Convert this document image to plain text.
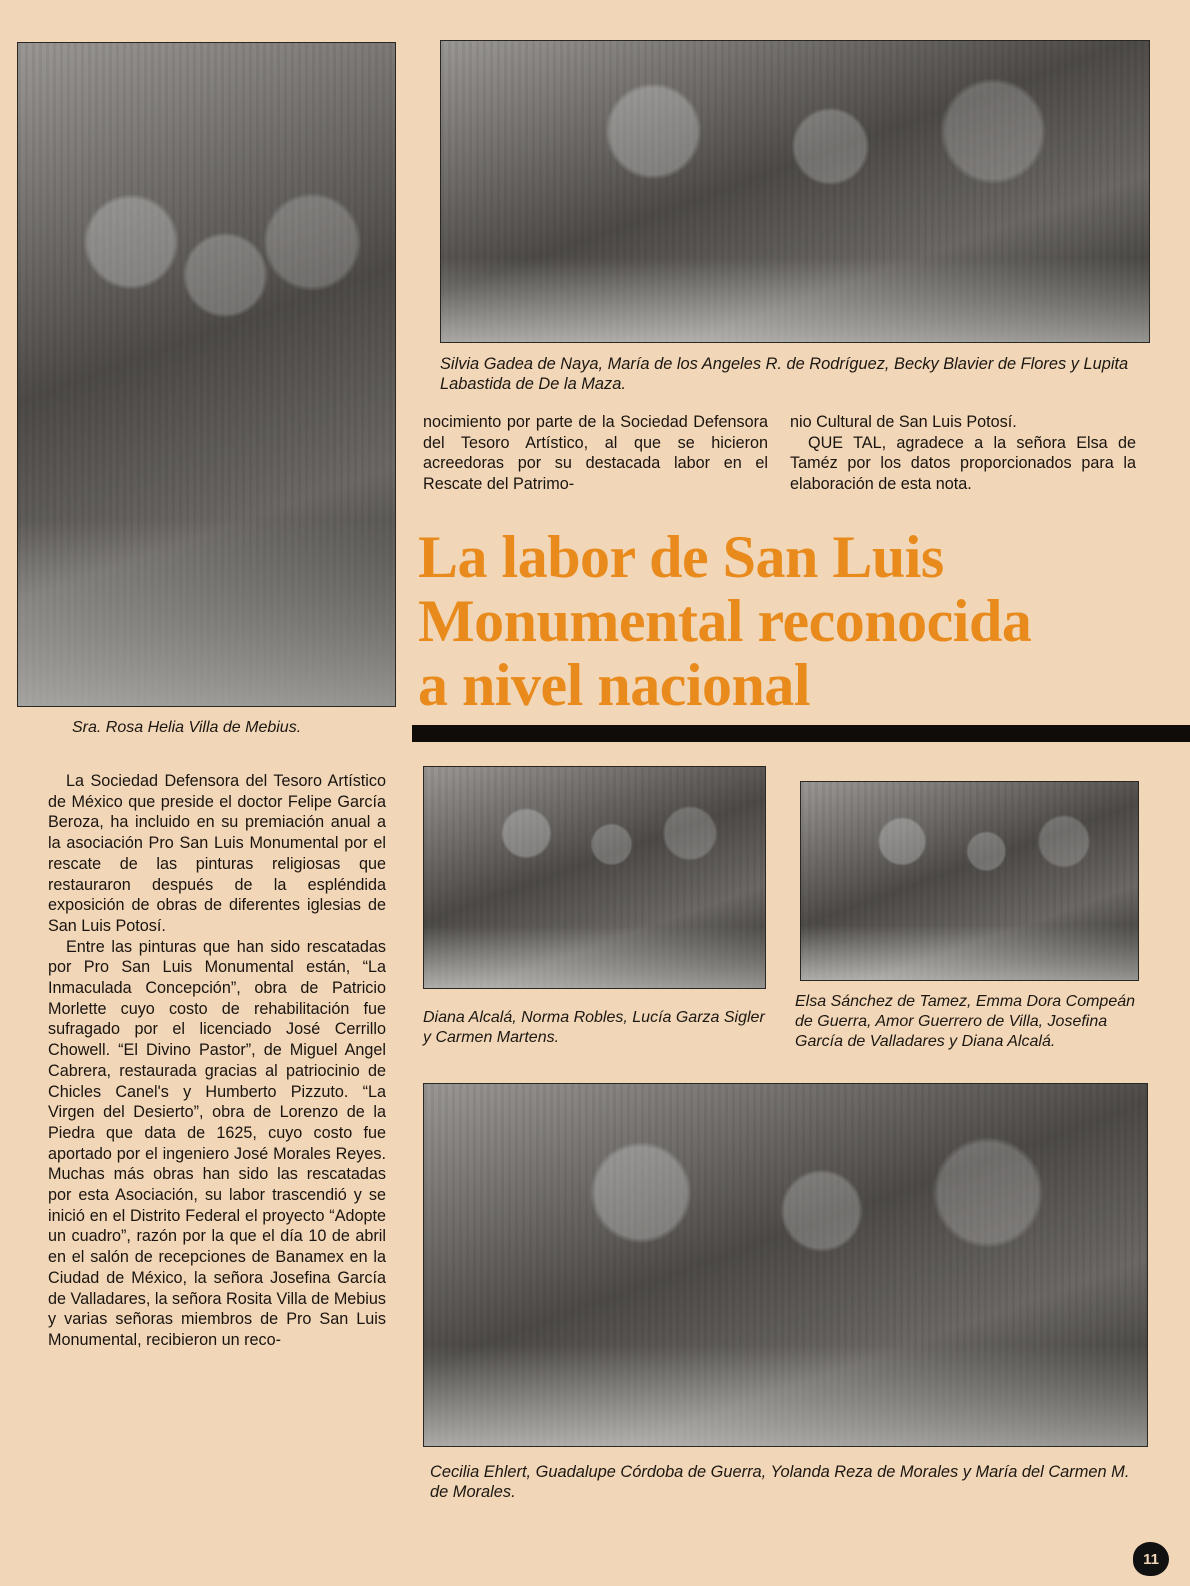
Sra. Rosa Helia Villa de Mebius.
Silvia Gadea de Naya, María de los Angeles R. de Rodríguez, Becky Blavier de Flores y Lupita Labastida de De la Maza.

nocimiento por parte de la Sociedad Defensora del Tesoro Artístico, al que se hicieron acreedoras por su destacada labor en el Rescate del Patrimo-

nio Cultural de San Luis Potosí.

QUE TAL, agradece a la señora Elsa de Taméz por los datos proporcionados para la elaboración de esta nota.

La labor de San Luis
Monumental reconocida
a nivel nacional

La Sociedad Defensora del Tesoro Artístico de México que preside el doctor Felipe García Beroza, ha incluido en su premiación anual a la asociación Pro San Luis Monumental por el rescate de las pinturas religiosas que restauraron después de la espléndida exposición de obras de diferentes iglesias de San Luis Potosí.

Entre las pinturas que han sido rescatadas por Pro San Luis Monumental están, “La Inmaculada Concepción”, obra de Patricio Morlette cuyo costo de rehabilitación fue sufragado por el licenciado José Cerrillo Chowell. “El Divino Pastor”, de Miguel Angel Cabrera, restaurada gracias al patriocinio de Chicles Canel's y Humberto Pizzuto. “La Virgen del Desierto”, obra de Lorenzo de la Piedra que data de 1625, cuyo costo fue aportado por el ingeniero José Morales Reyes. Muchas más obras han sido las rescatadas por esta Asociación, su labor trascendió y se inició en el Distrito Federal el proyecto “Adopte un cuadro”, razón por la que el día 10 de abril en el salón de recepciones de Banamex en la Ciudad de México, la señora Josefina García de Valladares, la señora Rosita Villa de Mebius y varias señoras miembros de Pro San Luis Monumental, recibieron un reco-

Diana Alcalá, Norma Robles, Lucía Garza Sigler y Carmen Martens.
Elsa Sánchez de Tamez, Emma Dora Compeán de Guerra, Amor Guerrero de Villa, Josefina García de Valladares y Diana Alcalá.
Cecilia Ehlert, Guadalupe Córdoba de Guerra, Yolanda Reza de Morales y María del Carmen M. de Morales.
11
